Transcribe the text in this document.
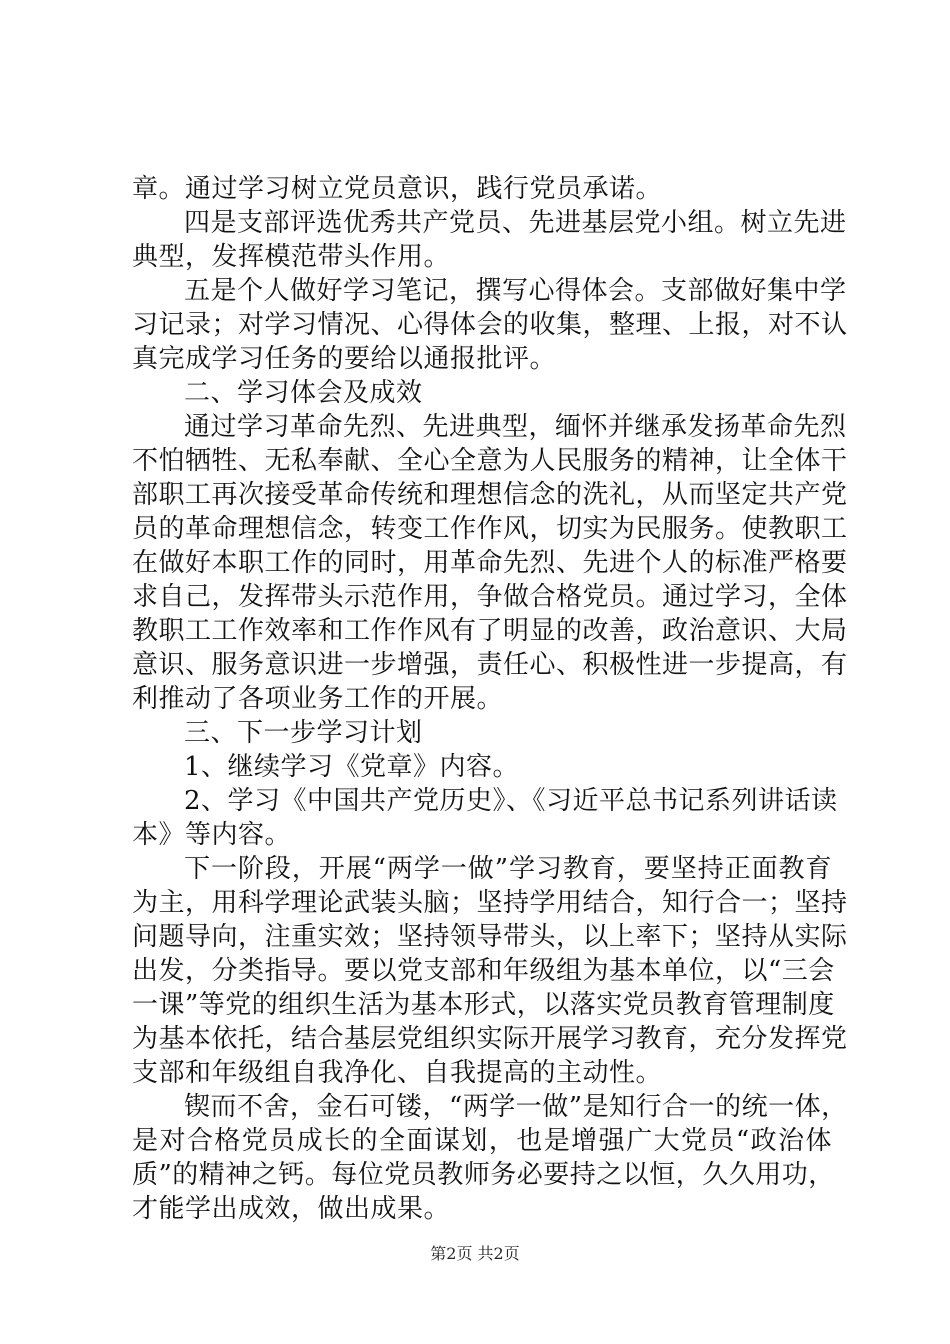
章。通过学习树立党员意识，践行党员承诺。
四是支部评选优秀共产党员、先进基层党小组。树立先进
典型，发挥模范带头作用。
五是个人做好学习笔记，撰写心得体会。支部做好集中学
习记录；对学习情况、心得体会的收集，整理、上报，对不认
真完成学习任务的要给以通报批评。
二、学习体会及成效
通过学习革命先烈、先进典型，缅怀并继承发扬革命先烈
不怕牺牲、无私奉献、全心全意为人民服务的精神，让全体干
部职工再次接受革命传统和理想信念的洗礼，从而坚定共产党
员的革命理想信念，转变工作作风，切实为民服务。使教职工
在做好本职工作的同时，用革命先烈、先进个人的标准严格要
求自己，发挥带头示范作用，争做合格党员。通过学习，全体
教职工工作效率和工作作风有了明显的改善，政治意识、大局
意识、服务意识进一步增强，责任心、积极性进一步提高，有
利推动了各项业务工作的开展。
三、下一步学习计划
1、继续学习《党章》内容。
2、学习《中国共产党历史》、《习近平总书记系列讲话读
本》等内容。
下一阶段，开展“两学一做”学习教育，要坚持正面教育
为主，用科学理论武装头脑；坚持学用结合，知行合一；坚持
问题导向，注重实效；坚持领导带头，以上率下；坚持从实际
出发，分类指导。要以党支部和年级组为基本单位，以“三会
一课”等党的组织生活为基本形式，以落实党员教育管理制度
为基本依托，结合基层党组织实际开展学习教育，充分发挥党
支部和年级组自我净化、自我提高的主动性。
锲而不舍，金石可镂，“两学一做”是知行合一的统一体，
是对合格党员成长的全面谋划，也是增强广大党员“政治体
质”的精神之钙。每位党员教师务必要持之以恒，久久用功，
才能学出成效，做出成果。
第2页 共2页
